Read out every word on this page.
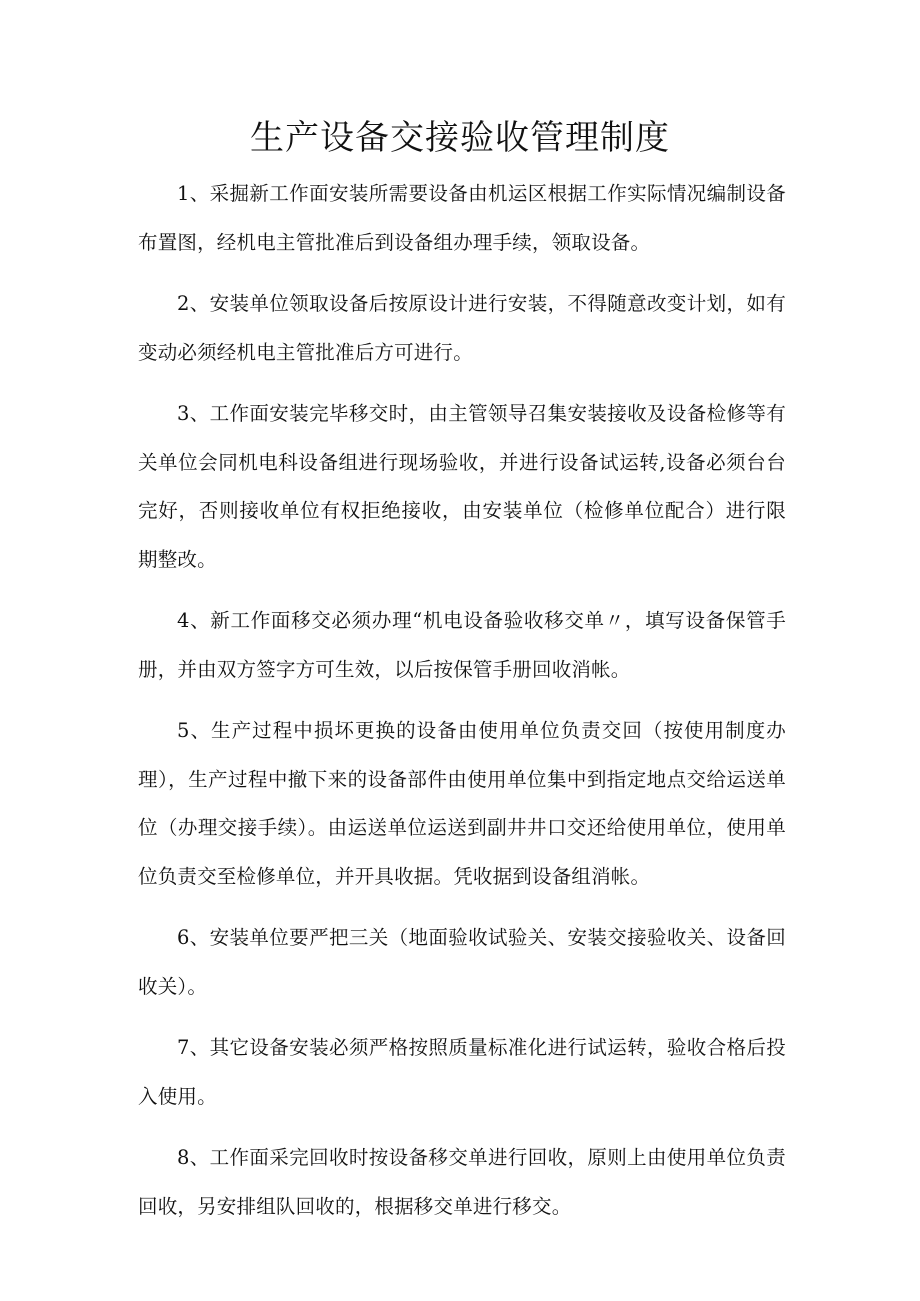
生产设备交接验收管理制度

1、采掘新工作面安装所需要设备由机运区根据工作实际情况编制设备布置图，经机电主管批准后到设备组办理手续，领取设备。

2、安装单位领取设备后按原设计进行安装，不得随意改变计划，如有变动必须经机电主管批准后方可进行。

3、工作面安装完毕移交时，由主管领导召集安装接收及设备检修等有关单位会同机电科设备组进行现场验收，并进行设备试运转,设备必须台台完好，否则接收单位有权拒绝接收，由安装单位（检修单位配合）进行限期整改。

4、新工作面移交必须办理“机电设备验收移交单〃，填写设备保管手册，并由双方签字方可生效，以后按保管手册回收消帐。

5、生产过程中损坏更换的设备由使用单位负责交回（按使用制度办理），生产过程中撤下来的设备部件由使用单位集中到指定地点交给运送单位（办理交接手续）。由运送单位运送到副井井口交还给使用单位，使用单位负责交至检修单位，并开具收据。凭收据到设备组消帐。

6、安装单位要严把三关（地面验收试验关、安装交接验收关、设备回收关）。

7、其它设备安装必须严格按照质量标准化进行试运转，验收合格后投入使用。

8、工作面采完回收时按设备移交单进行回收，原则上由使用单位负责回收，另安排组队回收的，根据移交单进行移交。
